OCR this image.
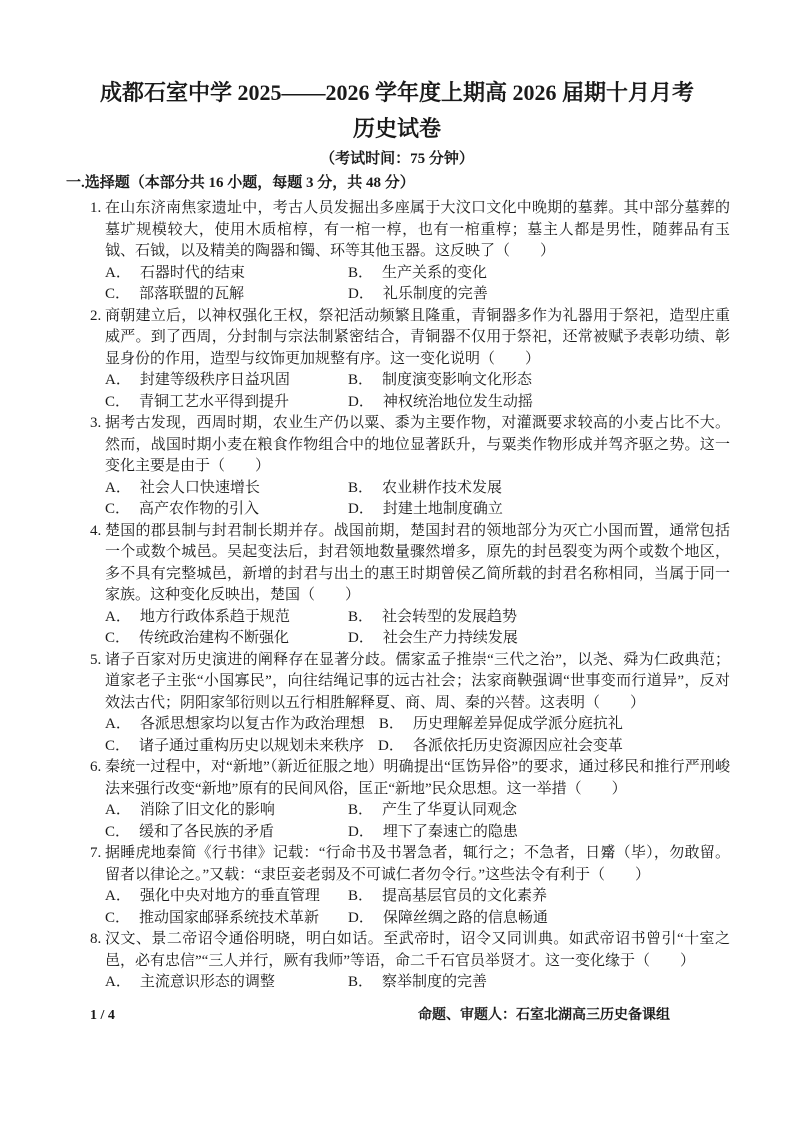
成都石室中学 2025——2026 学年度上期高 2026 届期十月月考
历史试卷
（考试时间：75 分钟）
一.选择题（本部分共 16 小题，每题 3 分，共 48 分）
1. 在山东济南焦家遗址中，考古人员发掘出多座属于大汶口文化中晚期的墓葬。其中部分墓葬的墓圹规模较大，使用木质棺椁，有一棺一椁，也有一棺重椁；墓主人都是男性，随葬品有玉钺、石钺，以及精美的陶器和镯、环等其他玉器。这反映了（　　）
A． 石器时代的结束	B． 生产关系的变化
C． 部落联盟的瓦解	D． 礼乐制度的完善
2. 商朝建立后，以神权强化王权，祭祀活动频繁且隆重，青铜器多作为礼器用于祭祀，造型庄重威严。到了西周，分封制与宗法制紧密结合，青铜器不仅用于祭祀，还常被赋予表彰功绩、彰显身份的作用，造型与纹饰更加规整有序。这一变化说明（　　）
A． 封建等级秩序日益巩固	B． 制度演变影响文化形态
C． 青铜工艺水平得到提升	D． 神权统治地位发生动摇
3. 据考古发现，西周时期，农业生产仍以粟、黍为主要作物，对灌溉要求较高的小麦占比不大。然而，战国时期小麦在粮食作物组合中的地位显著跃升，与粟类作物形成并驾齐驱之势。这一变化主要是由于（　　）
A． 社会人口快速增长	B． 农业耕作技术发展
C． 高产农作物的引入	D． 封建土地制度确立
4. 楚国的郡县制与封君制长期并存。战国前期，楚国封君的领地部分为灭亡小国而置，通常包括一个或数个城邑。吴起变法后，封君领地数量骤然增多，原先的封邑裂变为两个或数个地区，多不具有完整城邑，新增的封君与出土的惠王时期曾侯乙简所载的封君名称相同，当属于同一家族。这种变化反映出，楚国（　　）
A． 地方行政体系趋于规范	B． 社会转型的发展趋势
C． 传统政治建构不断强化	D． 社会生产力持续发展
5. 诸子百家对历史演进的阐释存在显著分歧。儒家孟子推崇“三代之治”，以尧、舜为仁政典范；道家老子主张“小国寡民”，向往结绳记事的远古社会；法家商鞅强调“世事变而行道异”，反对效法古代；阴阳家邹衍则以五行相胜解释夏、商、周、秦的兴替。这表明（　　）
A． 各派思想家均以复古作为政治理想 B． 历史理解差异促成学派分庭抗礼
C． 诸子通过重构历史以规划未来秩序 D． 各派依托历史资源因应社会变革
6. 秦统一过程中，对“新地”（新近征服之地）明确提出“匡饬异俗”的要求，通过移民和推行严刑峻法来强行改变“新地”原有的民间风俗，匡正“新地”民众思想。这一举措（　　）
A． 消除了旧文化的影响	B． 产生了华夏认同观念
C． 缓和了各民族的矛盾	D． 埋下了秦速亡的隐患
7. 据睡虎地秦简《行书律》记载：“行命书及书署急者，辄行之；不急者，日觱（毕），勿敢留。留者以律论之。”又载：“隶臣妾老弱及不可诚仁者勿令行。”这些法令有利于（　　）
A． 强化中央对地方的垂直管理 B． 提高基层官员的文化素养
C． 推动国家邮驿系统技术革新 D． 保障丝绸之路的信息畅通
8. 汉文、景二帝诏令通俗明晓，明白如话。至武帝时，诏令又同训典。如武帝诏书曾引“十室之邑，必有忠信”“三人并行，厥有我师”等语，命二千石官员举贤才。这一变化缘于（　　）
A． 主流意识形态的调整	B． 察举制度的完善
1 / 4	命题、审题人：石室北湖高三历史备课组
